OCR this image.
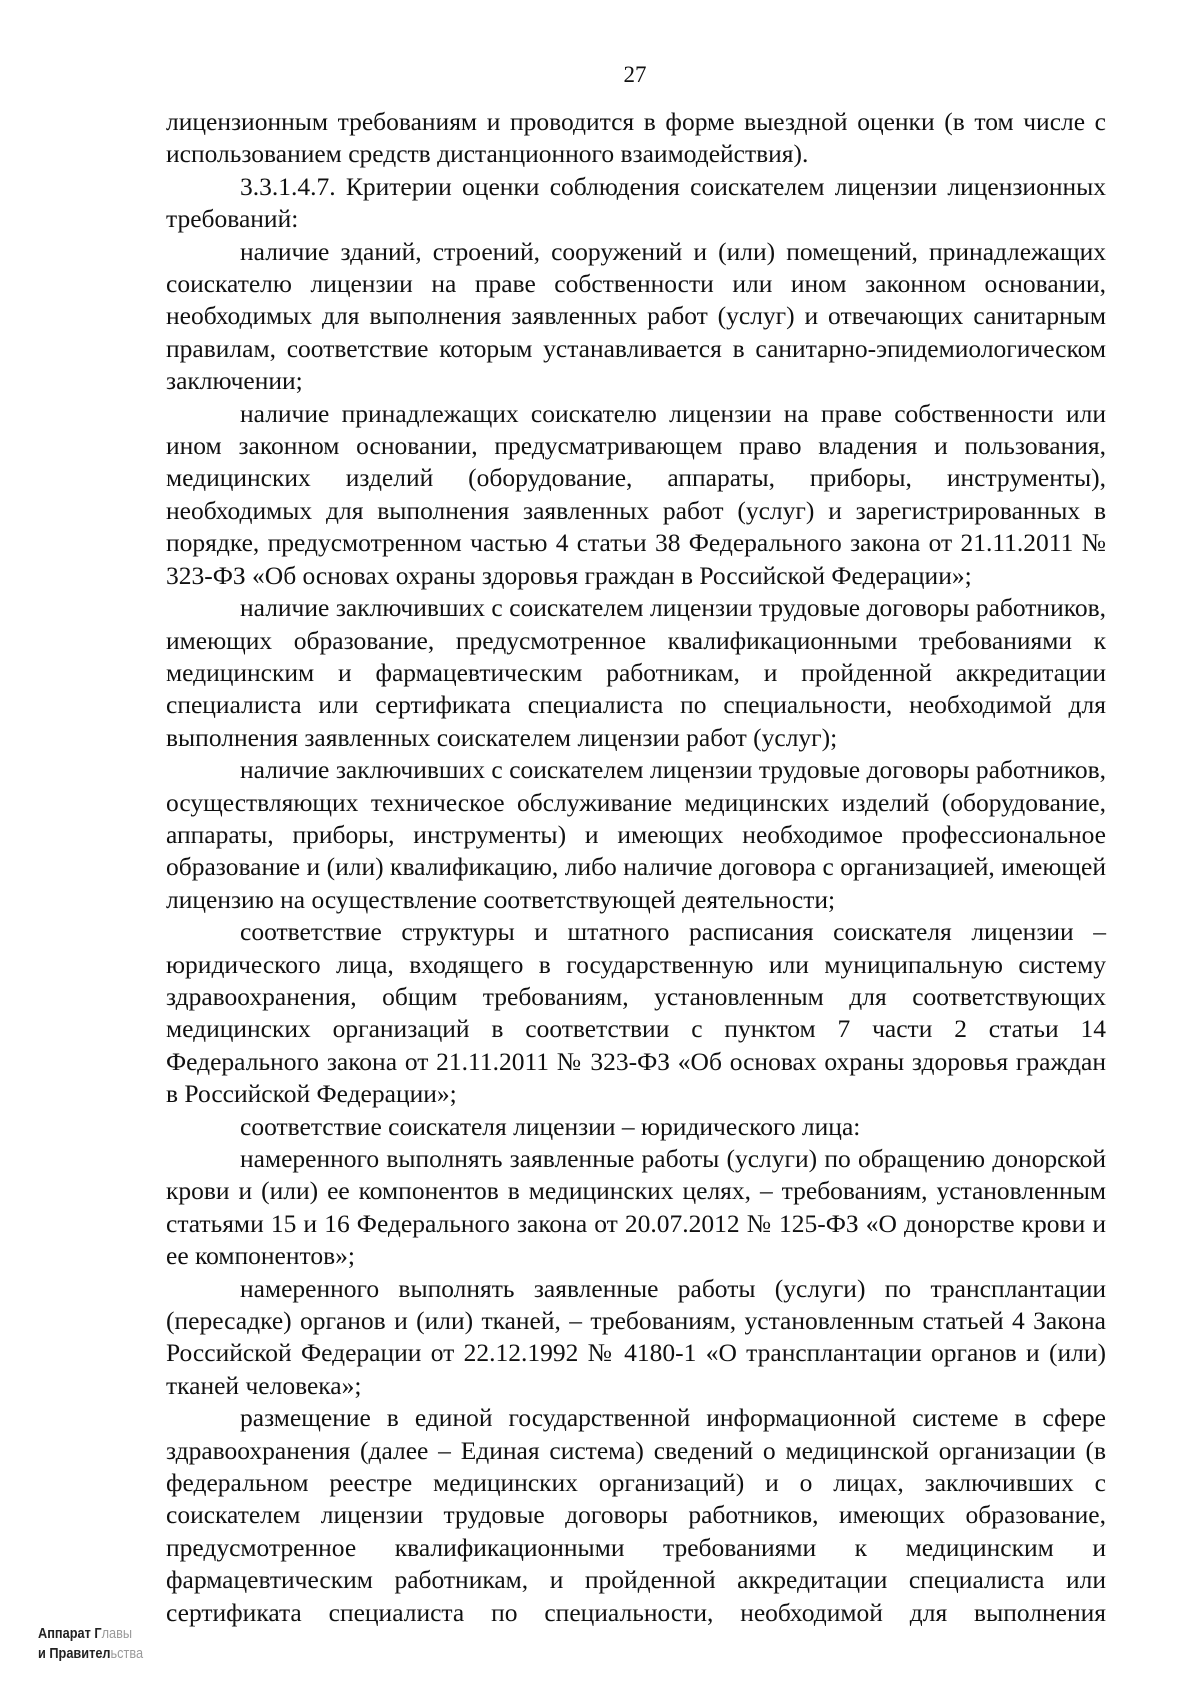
27

лицензионным требованиям и проводится в форме выездной оценки (в том числе с использованием средств дистанционного взаимодействия).

3.3.1.4.7. Критерии оценки соблюдения соискателем лицензии лицензионных требований:

наличие зданий, строений, сооружений и (или) помещений, принадлежащих соискателю лицензии на праве собственности или ином законном основании, необходимых для выполнения заявленных работ (услуг) и отвечающих санитарным правилам, соответствие которым устанавливается в санитарно-эпидемиологическом заключении;

наличие принадлежащих соискателю лицензии на праве собственности или ином законном основании, предусматривающем право владения и пользования, медицинских изделий (оборудование, аппараты, приборы, инструменты), необходимых для выполнения заявленных работ (услуг) и зарегистрированных в порядке, предусмотренном частью 4 статьи 38 Федерального закона от 21.11.2011 № 323-ФЗ «Об основах охраны здоровья граждан в Российской Федерации»;

наличие заключивших с соискателем лицензии трудовые договоры работников, имеющих образование, предусмотренное квалификационными требованиями к медицинским и фармацевтическим работникам, и пройденной аккредитации специалиста или сертификата специалиста по специальности, необходимой для выполнения заявленных соискателем лицензии работ (услуг);

наличие заключивших с соискателем лицензии трудовые договоры работников, осуществляющих техническое обслуживание медицинских изделий (оборудование, аппараты, приборы, инструменты) и имеющих необходимое профессиональное образование и (или) квалификацию, либо наличие договора с организацией, имеющей лицензию на осуществление соответствующей деятельности;

соответствие структуры и штатного расписания соискателя лицензии – юридического лица, входящего в государственную или муниципальную систему здравоохранения, общим требованиям, установленным для соответствующих медицинских организаций в соответствии с пунктом 7 части 2 статьи 14 Федерального закона от 21.11.2011 № 323-ФЗ «Об основах охраны здоровья граждан в Российской Федерации»;

соответствие соискателя лицензии – юридического лица:

намеренного выполнять заявленные работы (услуги) по обращению донорской крови и (или) ее компонентов в медицинских целях, – требованиям, установленным статьями 15 и 16 Федерального закона от 20.07.2012 № 125-ФЗ «О донорстве крови и ее компонентов»;

намеренного выполнять заявленные работы (услуги) по трансплантации (пересадке) органов и (или) тканей, – требованиям, установленным статьей 4 Закона Российской Федерации от 22.12.1992 № 4180-1 «О трансплантации органов и (или) тканей человека»;

размещение в единой государственной информационной системе в сфере здравоохранения (далее – Единая система) сведений о медицинской организации (в федеральном реестре медицинских организаций) и о лицах, заключивших с соискателем лицензии трудовые договоры работников, имеющих образование, предусмотренное квалификационными требованиями к медицинским и фармацевтическим работникам, и пройденной аккредитации специалиста или сертификата специалиста по специальности, необходимой для выполнения

Аппарат Главы
и Правительства
